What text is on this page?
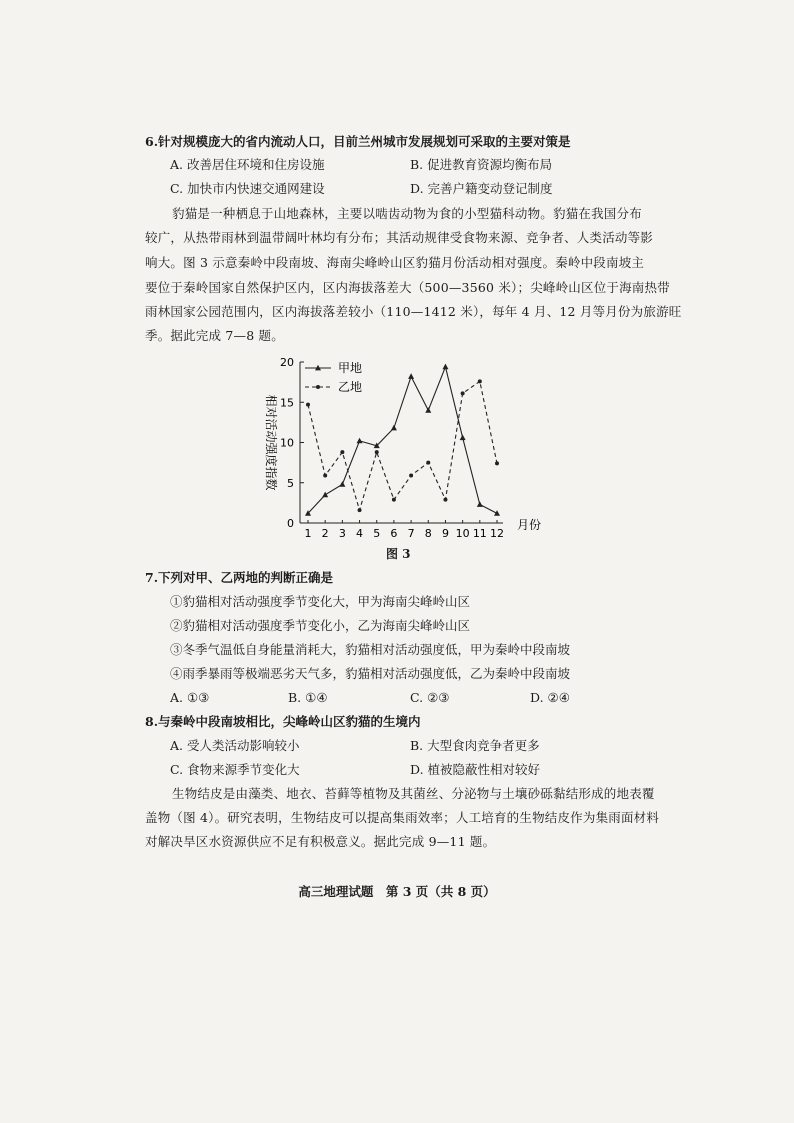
6.针对规模庞大的省内流动人口，目前兰州城市发展规划可采取的主要对策是
A. 改善居住环境和住房设施	B. 促进教育资源均衡布局
C. 加快市内快速交通网建设	D. 完善户籍变动登记制度
豹猫是一种栖息于山地森林，主要以啮齿动物为食的小型猫科动物。豹猫在我国分布
较广，从热带雨林到温带阔叶林均有分布；其活动规律受食物来源、竞争者、人类活动等影
响大。图 3 示意秦岭中段南坡、海南尖峰岭山区豹猫月份活动相对强度。秦岭中段南坡主
要位于秦岭国家自然保护区内，区内海拔落差大（500—3560 米）；尖峰岭山区位于海南热带
雨林国家公园范围内，区内海拔落差较小（110—1412 米），每年 4 月、12 月等月份为旅游旺
季。据此完成 7—8 题。
0
5
10
15
20
1 2 3 4 5 6 7 8 9 10 11 12
甲地
乙地
相对活动强度指数
月份
图 3
7.下列对甲、乙两地的判断正确是
①豹猫相对活动强度季节变化大，甲为海南尖峰岭山区
②豹猫相对活动强度季节变化小，乙为海南尖峰岭山区
③冬季气温低自身能量消耗大，豹猫相对活动强度低，甲为秦岭中段南坡
④雨季暴雨等极端恶劣天气多，豹猫相对活动强度低，乙为秦岭中段南坡
A. ①③	B. ①④	C. ②③	D. ②④
8.与秦岭中段南坡相比，尖峰岭山区豹猫的生境内
A. 受人类活动影响较小	B. 大型食肉竞争者更多
C. 食物来源季节变化大	D. 植被隐蔽性相对较好
生物结皮是由藻类、地衣、苔藓等植物及其菌丝、分泌物与土壤砂砾黏结形成的地表覆
盖物（图 4）。研究表明，生物结皮可以提高集雨效率；人工培育的生物结皮作为集雨面材料
对解决旱区水资源供应不足有积极意义。据此完成 9—11 题。
高三地理试题　第 3 页（共 8 页）
